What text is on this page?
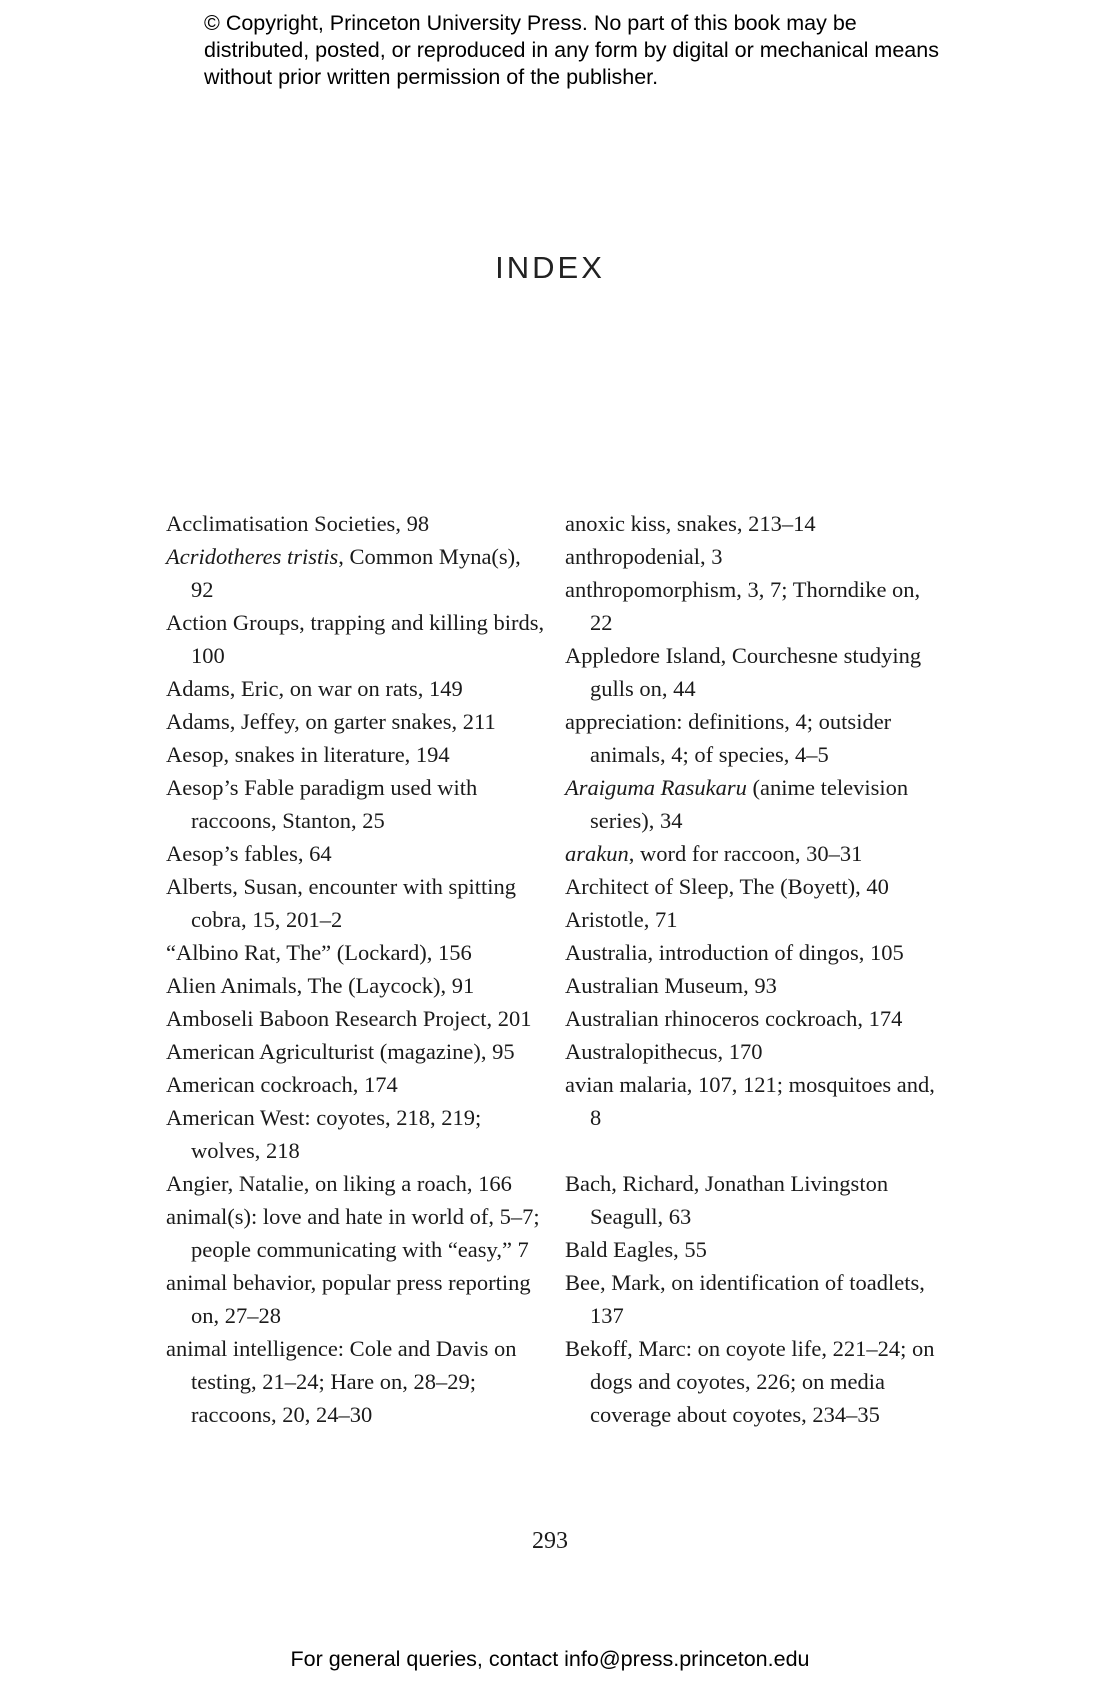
© Copyright, Princeton University Press. No part of this book may be distributed, posted, or reproduced in any form by digital or mechanical means without prior written permission of the publisher.
INDEX
Acclimatisation Societies, 98
Acridotheres tristis, Common Myna(s), 92
Action Groups, trapping and killing birds, 100
Adams, Eric, on war on rats, 149
Adams, Jeffey, on garter snakes, 211
Aesop, snakes in literature, 194
Aesop’s Fable paradigm used with raccoons, Stanton, 25
Aesop’s fables, 64
Alberts, Susan, encounter with spitting cobra, 15, 201–2
“Albino Rat, The” (Lockard), 156
Alien Animals, The (Laycock), 91
Amboseli Baboon Research Project, 201
American Agriculturist (magazine), 95
American cockroach, 174
American West: coyotes, 218, 219; wolves, 218
Angier, Natalie, on liking a roach, 166
animal(s): love and hate in world of, 5–7; people communicating with “easy,” 7
animal behavior, popular press reporting on, 27–28
animal intelligence: Cole and Davis on testing, 21–24; Hare on, 28–29; raccoons, 20, 24–30
anoxic kiss, snakes, 213–14
anthropodenial, 3
anthropomorphism, 3, 7; Thorndike on, 22
Appledore Island, Courchesne studying gulls on, 44
appreciation: definitions, 4; outsider animals, 4; of species, 4–5
Araiguma Rasukaru (anime television series), 34
arakun, word for raccoon, 30–31
Architect of Sleep, The (Boyett), 40
Aristotle, 71
Australia, introduction of dingos, 105
Australian Museum, 93
Australian rhinoceros cockroach, 174
Australopithecus, 170
avian malaria, 107, 121; mosquitoes and, 8
Bach, Richard, Jonathan Livingston Seagull, 63
Bald Eagles, 55
Bee, Mark, on identification of toadlets, 137
Bekoff, Marc: on coyote life, 221–24; on dogs and coyotes, 226; on media coverage about coyotes, 234–35
293
For general queries, contact info@press.princeton.edu
